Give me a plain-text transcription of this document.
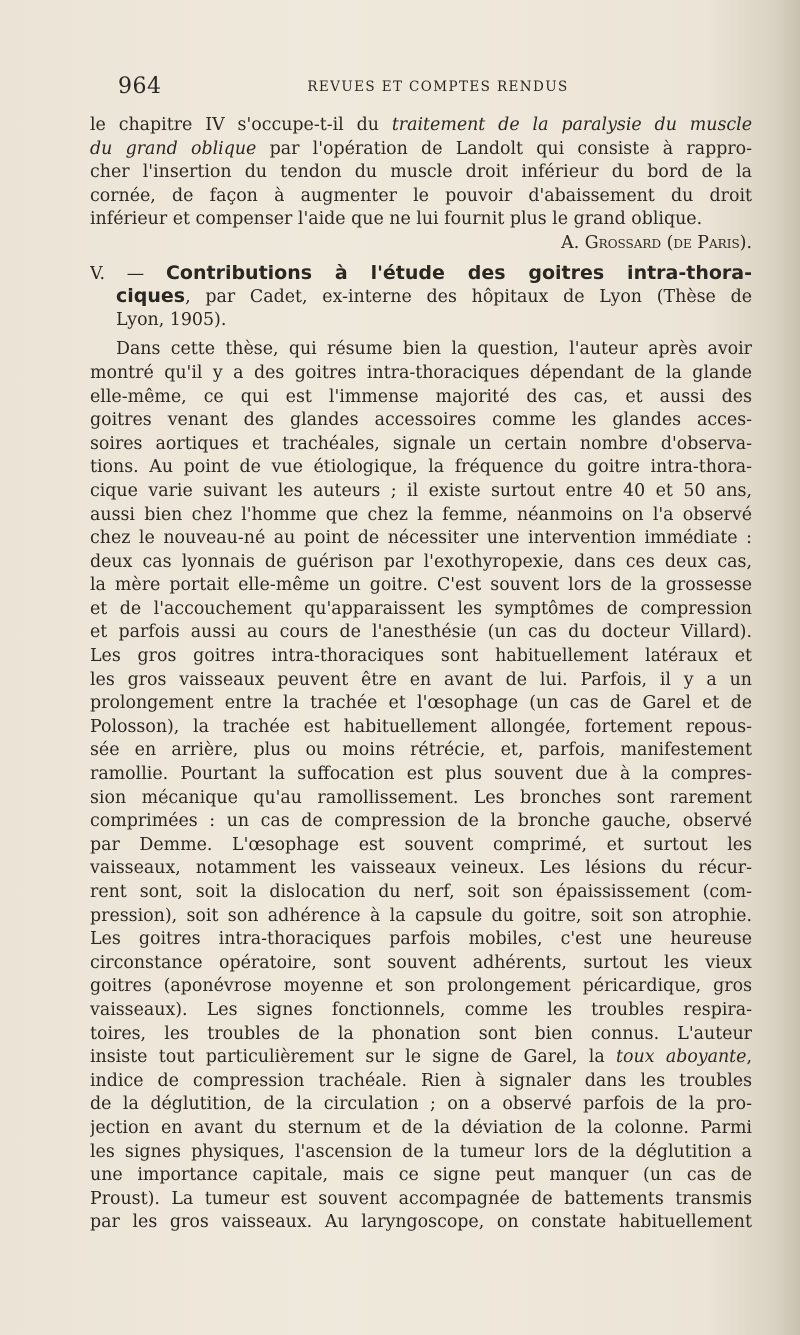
964	REVUES ET COMPTES RENDUS
le chapitre IV s'occupe-t-il du traitement de la paralysie du muscle
du grand oblique par l'opération de Landolt qui consiste à rappro-
cher l'insertion du tendon du muscle droit inférieur du bord de la
cornée, de façon à augmenter le pouvoir d'abaissement du droit
inférieur et compenser l'aide que ne lui fournit plus le grand oblique.
A. Grossard (de Paris).
V. — Contributions à l'étude des goitres intra-thora-
ciques, par Cadet, ex-interne des hôpitaux de Lyon (Thèse de
Lyon, 1905).
Dans cette thèse, qui résume bien la question, l'auteur après avoir
montré qu'il y a des goitres intra-thoraciques dépendant de la glande
elle-même, ce qui est l'immense majorité des cas, et aussi des
goitres venant des glandes accessoires comme les glandes acces-
soires aortiques et trachéales, signale un certain nombre d'observa-
tions. Au point de vue étiologique, la fréquence du goitre intra-thora-
cique varie suivant les auteurs ; il existe surtout entre 40 et 50 ans,
aussi bien chez l'homme que chez la femme, néanmoins on l'a observé
chez le nouveau-né au point de nécessiter une intervention immédiate :
deux cas lyonnais de guérison par l'exothyropexie, dans ces deux cas,
la mère portait elle-même un goitre. C'est souvent lors de la grossesse
et de l'accouchement qu'apparaissent les symptômes de compression
et parfois aussi au cours de l'anesthésie (un cas du docteur Villard).
Les gros goitres intra-thoraciques sont habituellement latéraux et
les gros vaisseaux peuvent être en avant de lui. Parfois, il y a un
prolongement entre la trachée et l'œsophage (un cas de Garel et de
Polosson), la trachée est habituellement allongée, fortement repous-
sée en arrière, plus ou moins rétrécie, et, parfois, manifestement
ramollie. Pourtant la suffocation est plus souvent due à la compres-
sion mécanique qu'au ramollissement. Les bronches sont rarement
comprimées : un cas de compression de la bronche gauche, observé
par Demme. L'œsophage est souvent comprimé, et surtout les
vaisseaux, notamment les vaisseaux veineux. Les lésions du récur-
rent sont, soit la dislocation du nerf, soit son épaississement (com-
pression), soit son adhérence à la capsule du goitre, soit son atrophie.
Les goitres intra-thoraciques parfois mobiles, c'est une heureuse
circonstance opératoire, sont souvent adhérents, surtout les vieux
goitres (aponévrose moyenne et son prolongement péricardique, gros
vaisseaux). Les signes fonctionnels, comme les troubles respira-
toires, les troubles de la phonation sont bien connus. L'auteur
insiste tout particulièrement sur le signe de Garel, la toux aboyante,
indice de compression trachéale. Rien à signaler dans les troubles
de la déglutition, de la circulation ; on a observé parfois de la pro-
jection en avant du sternum et de la déviation de la colonne. Parmi
les signes physiques, l'ascension de la tumeur lors de la déglutition a
une importance capitale, mais ce signe peut manquer (un cas de
Proust). La tumeur est souvent accompagnée de battements transmis
par les gros vaisseaux. Au laryngoscope, on constate habituellement
